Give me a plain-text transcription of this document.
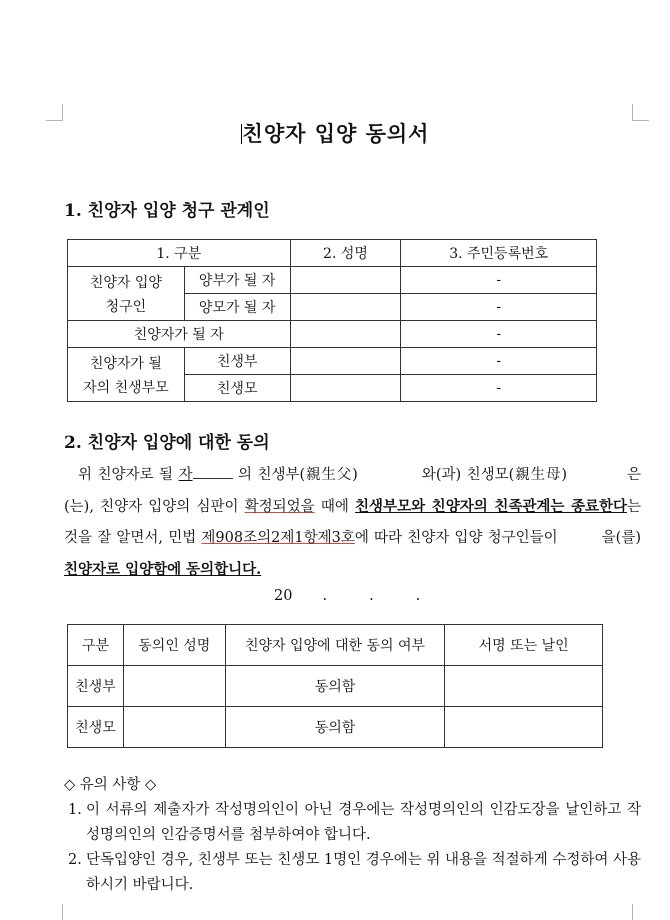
친양자 입양 동의서
1. 친양자 입양 청구 관계인
1. 구분		2. 성명	3. 주민등록번호

친양자 입양
청구인	양부가 될 자		-
	양모가 될 자		-
친양자가 될 자			-

친양자가 될
자의 친생부모	친생부		-
	친생모		-
2. 친양자 입양에 대한 동의
위 친양자로 될 자	의 친생부(親生父)	와(과) 친생모(親生母)	은(는), 친양자 입양의 심판이 확정되었을 때에 친생부모와 친양자의 친족관계는 종료한다는 것을 잘 알면서, 민법 제908조의2제1항제3호에 따라 친양자 입양 청구인들이	을(를) 친양자로 입양함에 동의합니다.
20 .	.	.
구분	동의인 성명	친양자 입양에 대한 동의 여부	서명 또는 날인
친생부		동의함	
친생모		동의함	
◇ 유의 사항 ◇
1. 이 서류의 제출자가 작성명의인이 아닌 경우에는 작성명의인의 인감도장을 날인하고 작성명의인의 인감증명서를 첨부하여야 합니다.
2. 단독입양인 경우, 친생부 또는 친생모 1명인 경우에는 위 내용을 적절하게 수정하여 사용하시기 바랍니다.
